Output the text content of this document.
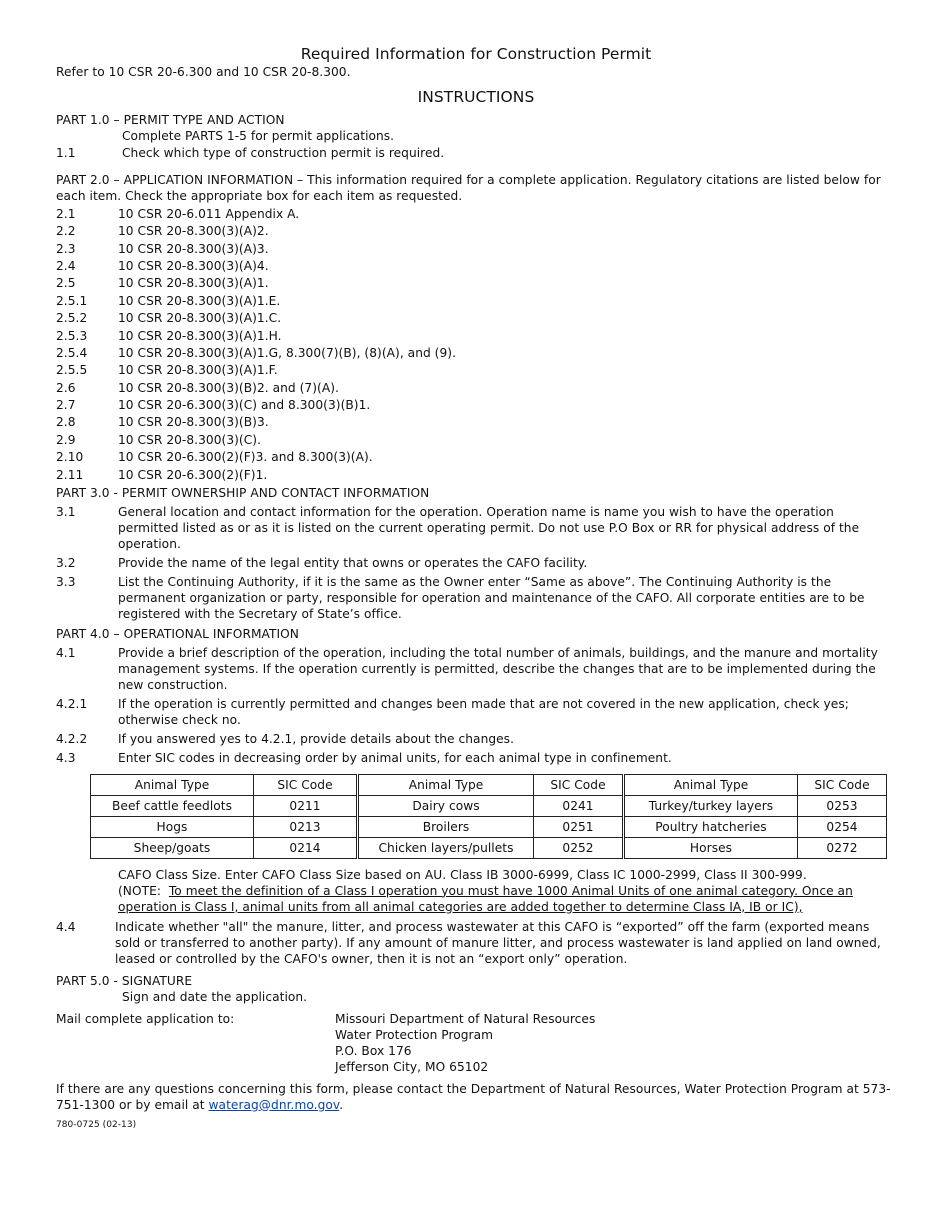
Required Information for Construction Permit
Refer to 10 CSR 20-6.300 and 10 CSR 20-8.300.
INSTRUCTIONS
PART 1.0 – PERMIT TYPE AND ACTION
Complete PARTS 1-5 for permit applications.
1.1	Check which type of construction permit is required.
PART 2.0 – APPLICATION INFORMATION – This information required for a complete application. Regulatory citations are listed below for each item. Check the appropriate box for each item as requested.
2.1	10 CSR 20-6.011 Appendix A.
2.2	10 CSR 20-8.300(3)(A)2.
2.3	10 CSR 20-8.300(3)(A)3.
2.4	10 CSR 20-8.300(3)(A)4.
2.5	10 CSR 20-8.300(3)(A)1.
2.5.1	10 CSR 20-8.300(3)(A)1.E.
2.5.2	10 CSR 20-8.300(3)(A)1.C.
2.5.3	10 CSR 20-8.300(3)(A)1.H.
2.5.4	10 CSR 20-8.300(3)(A)1.G, 8.300(7)(B), (8)(A), and (9).
2.5.5	10 CSR 20-8.300(3)(A)1.F.
2.6	10 CSR 20-8.300(3)(B)2. and (7)(A).
2.7	10 CSR 20-6.300(3)(C) and 8.300(3)(B)1.
2.8	10 CSR 20-8.300(3)(B)3.
2.9	10 CSR 20-8.300(3)(C).
2.10	10 CSR 20-6.300(2)(F)3. and 8.300(3)(A).
2.11	10 CSR 20-6.300(2)(F)1.
PART 3.0 - PERMIT OWNERSHIP AND CONTACT INFORMATION
3.1	General location and contact information for the operation. Operation name is name you wish to have the operation permitted listed as or as it is listed on the current operating permit. Do not use P.O Box or RR for physical address of the operation.
3.2	Provide the name of the legal entity that owns or operates the CAFO facility.
3.3	List the Continuing Authority, if it is the same as the Owner enter “Same as above”. The Continuing Authority is the permanent organization or party, responsible for operation and maintenance of the CAFO. All corporate entities are to be registered with the Secretary of State’s office.
PART 4.0 – OPERATIONAL INFORMATION
4.1	Provide a brief description of the operation, including the total number of animals, buildings, and the manure and mortality management systems. If the operation currently is permitted, describe the changes that are to be implemented during the new construction.
4.2.1	If the operation is currently permitted and changes been made that are not covered in the new application, check yes; otherwise check no.
4.2.2	If you answered yes to 4.2.1, provide details about the changes.
4.3	Enter SIC codes in decreasing order by animal units, for each animal type in confinement.
Animal Type	SIC Code	Animal Type	SIC Code	Animal Type	SIC Code
Beef cattle feedlots	0211	Dairy cows	0241	Turkey/turkey layers	0253
Hogs	0213	Broilers	0251	Poultry hatcheries	0254
Sheep/goats	0214	Chicken layers/pullets	0252	Horses	0272
CAFO Class Size. Enter CAFO Class Size based on AU. Class IB 3000-6999, Class IC 1000-2999, Class II 300-999.
(NOTE:  To meet the definition of a Class I operation you must have 1000 Animal Units of one animal category. Once an operation is Class I, animal units from all animal categories are added together to determine Class IA, IB or IC),
4.4	Indicate whether "all" the manure, litter, and process wastewater at this CAFO is “exported” off the farm (exported means sold or transferred to another party). If any amount of manure litter, and process wastewater is land applied on land owned, leased or controlled by the CAFO's owner, then it is not an “export only” operation.
PART 5.0 - SIGNATURE
Sign and date the application.
Mail complete application to:	Missouri Department of Natural Resources
Water Protection Program
P.O. Box 176
Jefferson City, MO 65102
If there are any questions concerning this form, please contact the Department of Natural Resources, Water Protection Program at 573-751-1300 or by email at waterag@dnr.mo.gov.
780-0725 (02-13)
